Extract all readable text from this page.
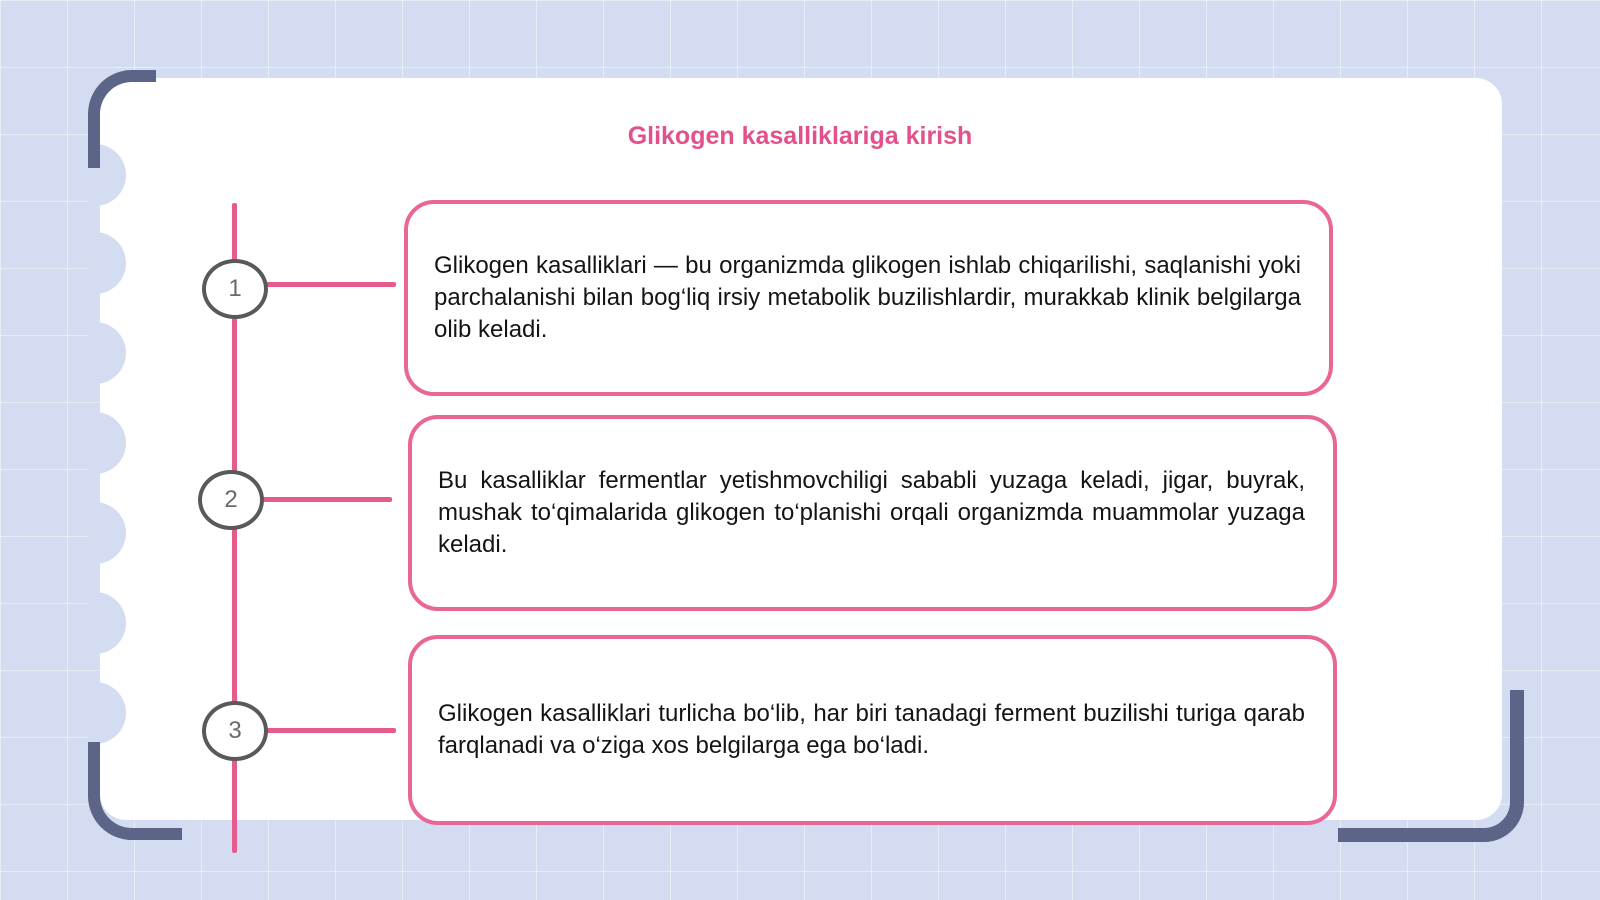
Glikogen kasalliklariga kirish
1
2
3

Glikogen kasalliklari — bu organizmda glikogen ishlab chiqarilishi, saqlanishi yoki parchalanishi bilan bog‘liq irsiy metabolik buzilishlardir, murakkab klinik belgilarga olib keladi.

Bu kasalliklar fermentlar yetishmovchiligi sababli yuzaga keladi, jigar, buyrak, mushak to‘qimalarida glikogen to‘planishi orqali organizmda muammolar yuzaga keladi.

Glikogen kasalliklari turlicha bo‘lib, har biri tanadagi ferment buzilishi turiga qarab farqlanadi va o‘ziga xos belgilarga ega bo‘ladi.
